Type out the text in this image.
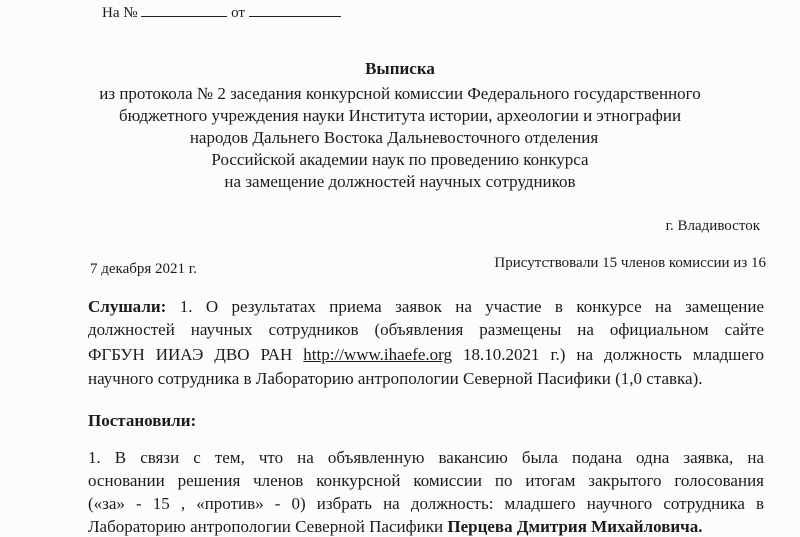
На №	от
Выписка
из протокола № 2 заседания конкурсной комиссии Федерального государственного
бюджетного учреждения науки Института истории, археологии и этнографии
народов Дальнего Востока Дальневосточного отделения
Российской академии наук по проведению конкурса
на замещение должностей научных сотрудников
г. Владивосток
7 декабря 2021 г.	Присутствовали 15 членов комиссии из 16
Слушали: 1. О результатах приема заявок на участие в конкурсе на замещение
должностей научных сотрудников (объявления размещены на официальном сайте
ФГБУН ИИАЭ ДВО РАН http://www.ihaefe.org 18.10.2021 г.) на должность младшего
научного сотрудника в Лабораторию антропологии Северной Пасифики (1,0 ставка).
Постановили:
1. В связи с тем, что на объявленную вакансию была подана одна заявка, на
основании решения членов конкурсной комиссии по итогам закрытого голосования
(«за» - 15 , «против» - 0) избрать на должность: младшего научного сотрудника в
Лабораторию антропологии Северной Пасифики Перцева Дмитрия Михайловича.
